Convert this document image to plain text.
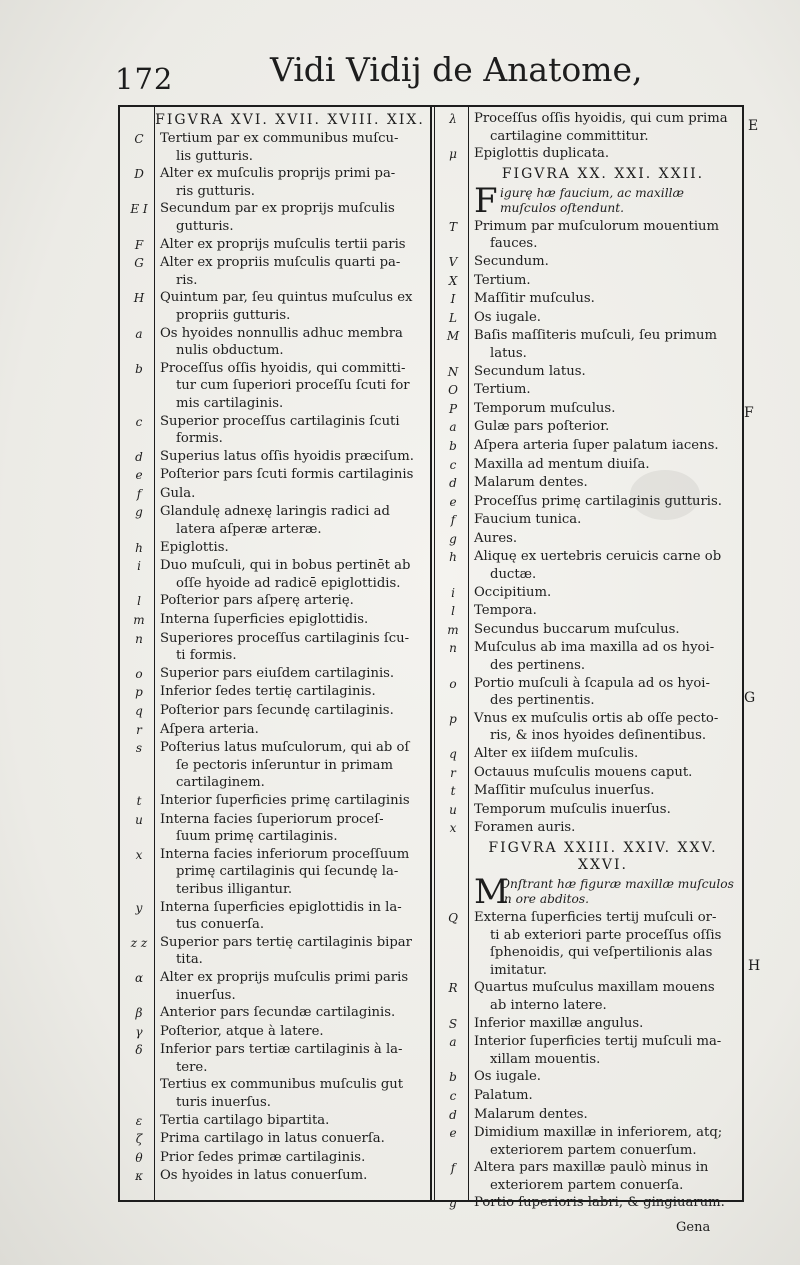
172	Vidi Vidij de Anatome,
FIGVRA XVI. XVII. XVIII. XIX.
C	Tertium par ex communibus muſcu-
lis gutturis.
D	Alter ex muſculis proprijs primi pa-
ris gutturis.
E I Secundum par ex proprijs muſculis
gutturis.
F	Alter ex proprijs muſculis tertii paris
G	Alter ex propriis muſculis quarti pa-
ris.
H	Quintum par, ſeu quintus muſculus ex
propriis gutturis.
a	Os hyoides nonnullis adhuc membra
nulis obductum.
b	Proceſſus oſſis hyoidis, qui committi-
tur cum ſuperiori proceſſu ſcuti for
mis cartilaginis.
c	Superior proceſſus cartilaginis ſcuti
formis.
d	Superius latus oſſis hyoidis præciſum.
e	Poſterior pars ſcuti formis cartilaginis
f	Gula.
g	Glandulę adnexę laringis radici ad
latera aſperæ arteræ.
h	Epiglottis.
i	Duo muſculi, qui in bobus pertinēt ab
oſſe hyoide ad radicē epiglottidis.
l	Poſterior pars aſperę arterię.
m	Interna ſuperficies epiglottidis.
n	Superiores proceſſus cartilaginis ſcu-
ti formis.
o	Superior pars eiuſdem cartilaginis.
p	Inferior ſedes tertię cartilaginis.
q	Poſterior pars ſecundę cartilaginis.
r	Aſpera arteria.
s	Poſterius latus muſculorum, qui ab oſ
ſe pectoris inſeruntur in primam
cartilaginem.
t	Interior ſuperficies primę cartilaginis
u	Interna facies ſuperiorum proceſ-
ſuum primę cartilaginis.
x	Interna facies inferiorum proceſſuum
primę cartilaginis qui ſecundę la-
teribus illigantur.
y	Interna ſuperficies epiglottidis in la-
tus conuerſa.
z z Superior pars tertię cartilaginis bipar
tita.
α	Alter ex proprijs muſculis primi paris
inuerſus.
β	Anterior pars ſecundæ cartilaginis.
γ	Poſterior, atque à latere.
δ	Inferior pars tertiæ cartilaginis à la-
tere.
Tertius ex communibus muſculis gut
turis inuerſus.
ε	Tertia cartilago bipartita.
ζ	Prima cartilago in latus conuerſa.
θ	Prior ſedes primæ cartilaginis.
κ	Os hyoides in latus conuerſum.
λ	Proceſſus oſſis hyoidis, qui cum prima
cartilagine committitur.
μ	Epiglottis duplicata.
FIGVRA XX. XXI. XXII.
F igurę hæ faucium, ac maxillæ muſculos oſtendunt.
T	Primum par muſculorum mouentium
fauces.
V	Secundum.
X	Tertium.
I	Maſſitir muſculus.
L	Os iugale.
M	Baſis maſſiteris muſculi, ſeu primum
latus.
N	Secundum latus.
O	Tertium.
P	Temporum muſculus.
a	Gulæ pars poſterior.
b	Aſpera arteria ſuper palatum iacens.
c	Maxilla ad mentum diuiſa.
d	Malarum dentes.
e	Proceſſus primę cartilaginis gutturis.
f	Faucium tunica.
g	Aures.
h	Aliquę ex uertebris ceruicis carne ob
ductæ.
i	Occipitium.
l	Tempora.
m	Secundus buccarum muſculus.
n	Muſculus ab ima maxilla ad os hyoi-
des pertinens.
o	Portio muſculi à ſcapula ad os hyoi-
des pertinentis.
p	Vnus ex muſculis ortis ab oſſe pecto-
ris, & inos hyoides deſinentibus.
q	Alter ex iiſdem muſculis.
r	Octauus muſculis mouens caput.
t	Maſſitir muſculus inuerſus.
u	Temporum muſculis inuerſus.
x	Foramen auris.
FIGVRA XXIII. XXIV. XXV. XXVI.
M
Onſtrant hæ figuræ maxillæ muſculos in ore abditos.
Q	Externa ſuperficies tertij muſculi or-
ti ab exteriori parte proceſſus oſſis
ſphenoidis, qui veſpertilionis alas
imitatur.
R	Quartus muſculus maxillam mouens
ab interno latere.
S	Inferior maxillæ angulus.
a	Interior ſuperficies tertij muſculi ma-
xillam mouentis.
b	Os iugale.
c	Palatum.
d	Malarum dentes.
e	Dimidium maxillæ in inferiorem, atq;
exteriorem partem conuerſum.
f	Altera pars maxillæ paulò minus in
exteriorem partem conuerſa.
g	Portio ſuperioris labri, & gingiuarum.
E
F
G
H
Gena
